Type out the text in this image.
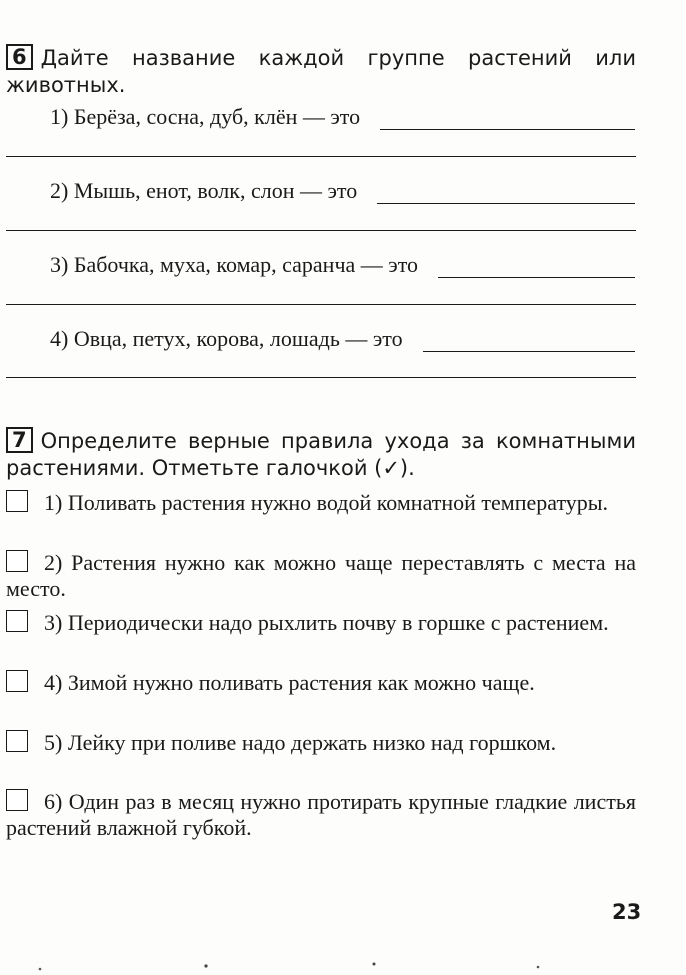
6 Дайте название каждой группе растений или животных.
1) Берёза, сосна, дуб, клён — это
2) Мышь, енот, волк, слон — это
3) Бабочка, муха, комар, саранча — это
4) Овца, петух, корова, лошадь — это
7 Определите верные правила ухода за комнатными растениями. Отметьте галочкой (✓).
1) Поливать растения нужно водой комнатной температуры.
2) Растения нужно как можно чаще переставлять с места на место.
3) Периодически надо рыхлить почву в горшке с растением.
4) Зимой нужно поливать растения как можно чаще.
5) Лейку при поливе надо держать низко над горшком.
6) Один раз в месяц нужно протирать крупные гладкие листья растений влажной губкой.
23
